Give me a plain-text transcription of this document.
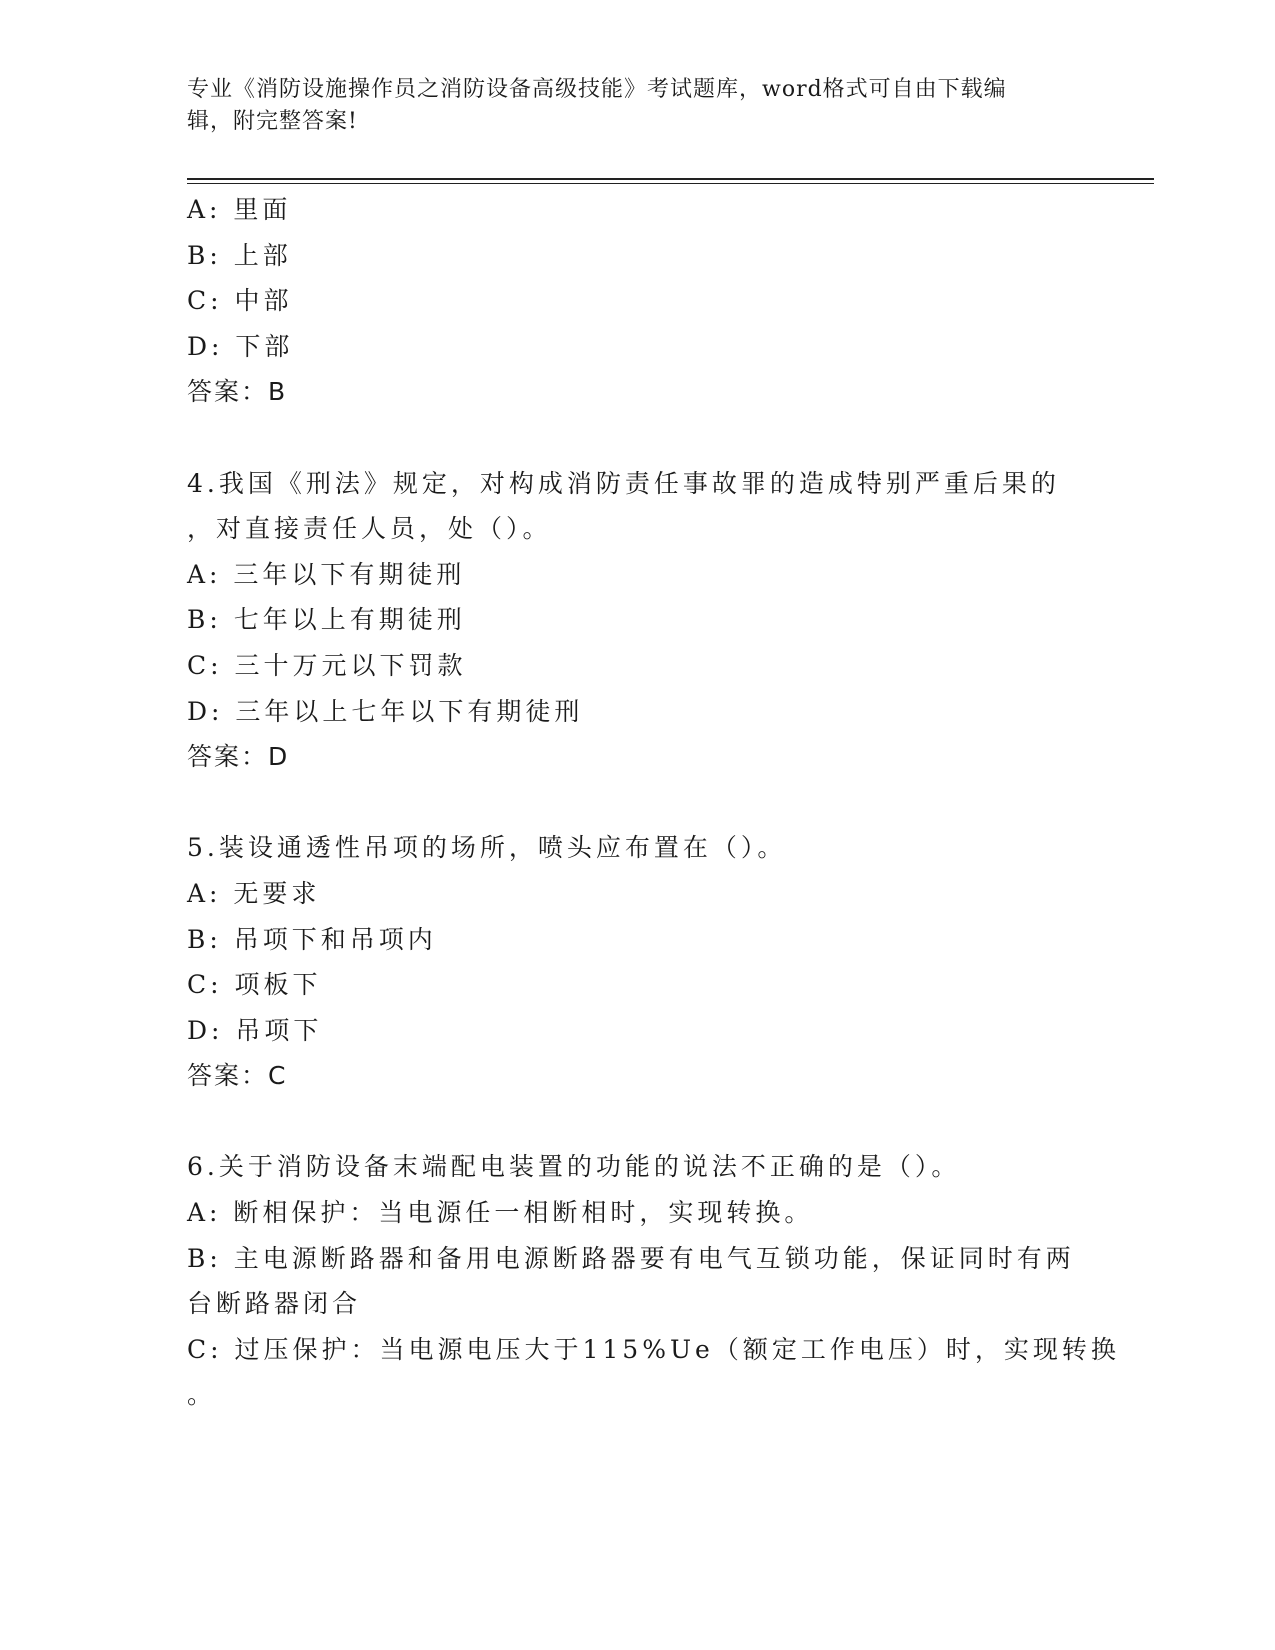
专业《消防设施操作员之消防设备高级技能》考试题库，word格式可自由下载编
辑，附完整答案!
A: 里面
B: 上部
C: 中部
D: 下部
答案：B
4.我国《刑法》规定，对构成消防责任事故罪的造成特别严重后果的
，对直接责任人员，处（）。
A: 三年以下有期徒刑
B: 七年以上有期徒刑
C: 三十万元以下罚款
D: 三年以上七年以下有期徒刑
答案：D
5.装设通透性吊项的场所，喷头应布置在（）。
A: 无要求
B: 吊项下和吊项内
C: 项板下
D: 吊项下
答案：C
6.关于消防设备末端配电装置的功能的说法不正确的是（）。
A: 断相保护：当电源任一相断相时，实现转换。
B: 主电源断路器和备用电源断路器要有电气互锁功能，保证同时有两
台断路器闭合
C: 过压保护：当电源电压大于115%Ue（额定工作电压）时，实现转换
。
